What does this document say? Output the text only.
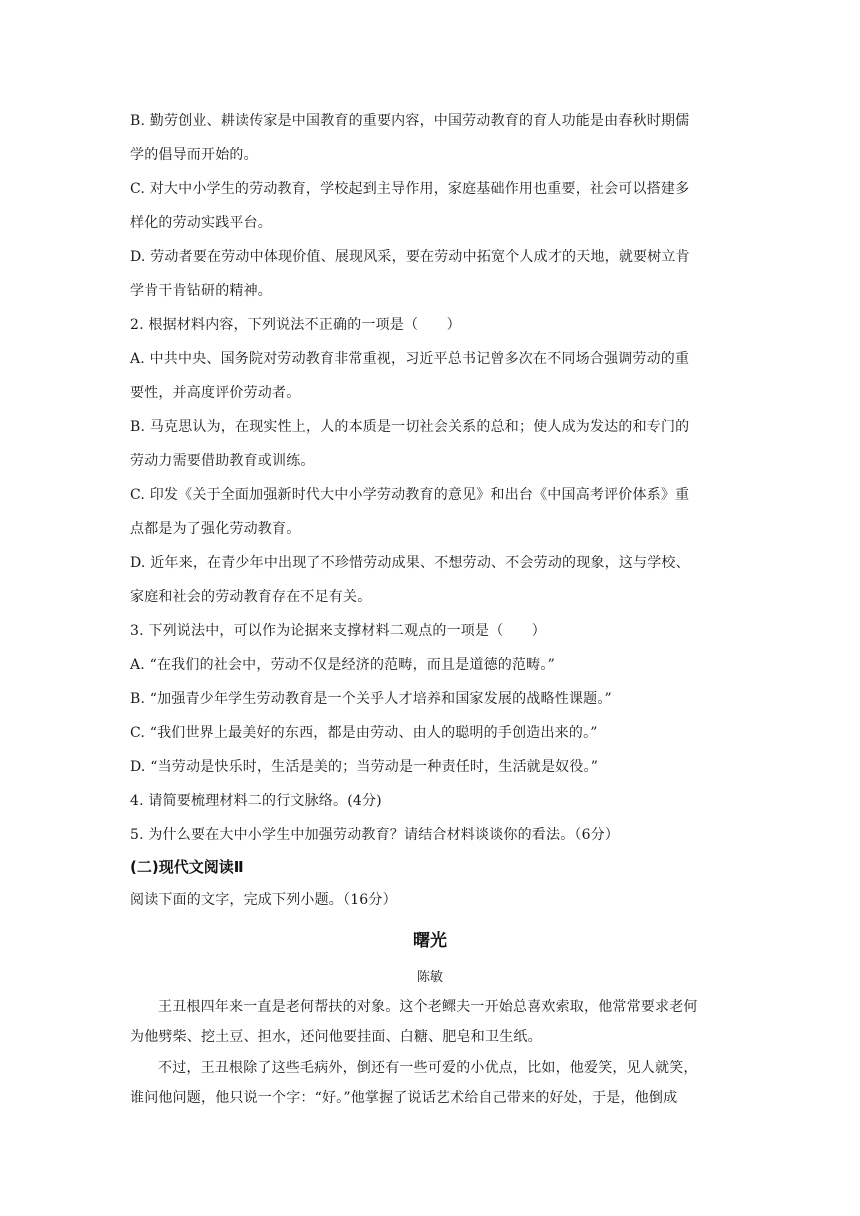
B. 勤劳创业、耕读传家是中国教育的重要内容，中国劳动教育的育人功能是由春秋时期儒
学的倡导而开始的。
C. 对大中小学生的劳动教育，学校起到主导作用，家庭基础作用也重要，社会可以搭建多
样化的劳动实践平台。
D. 劳动者要在劳动中体现价值、展现风采，要在劳动中拓宽个人成才的天地，就要树立肯
学肯干肯钻研的精神。
2. 根据材料内容，下列说法不正确的一项是（　　）
A. 中共中央、国务院对劳动教育非常重视，习近平总书记曾多次在不同场合强调劳动的重
要性，并高度评价劳动者。
B. 马克思认为，在现实性上，人的本质是一切社会关系的总和；使人成为发达的和专门的
劳动力需要借助教育或训练。
C. 印发《关于全面加强新时代大中小学劳动教育的意见》和出台《中国高考评价体系》重
点都是为了强化劳动教育。
D. 近年来，在青少年中出现了不珍惜劳动成果、不想劳动、不会劳动的现象，这与学校、
家庭和社会的劳动教育存在不足有关。
3. 下列说法中，可以作为论据来支撑材料二观点的一项是（　　）
A. “在我们的社会中，劳动不仅是经济的范畴，而且是道德的范畴。”
B. “加强青少年学生劳动教育是一个关乎人才培养和国家发展的战略性课题。”
C. “我们世界上最美好的东西，都是由劳动、由人的聪明的手创造出来的。”
D. “当劳动是快乐时，生活是美的；当劳动是一种责任时，生活就是奴役。”
4. 请简要梳理材料二的行文脉络。(4分)
5. 为什么要在大中小学生中加强劳动教育？请结合材料谈谈你的看法。（6分）
(二)现代文阅读Ⅱ
阅读下面的文字，完成下列小题。（16分）
曙光
陈敏
王丑根四年来一直是老何帮扶的对象。这个老鳏夫一开始总喜欢索取，他常常要求老何
为他劈柴、挖土豆、担水，还问他要挂面、白糖、肥皂和卫生纸。
不过，王丑根除了这些毛病外，倒还有一些可爱的小优点，比如，他爱笑，见人就笑，
谁问他问题，他只说一个字：“好。”他掌握了说话艺术给自己带来的好处，于是，他倒成
